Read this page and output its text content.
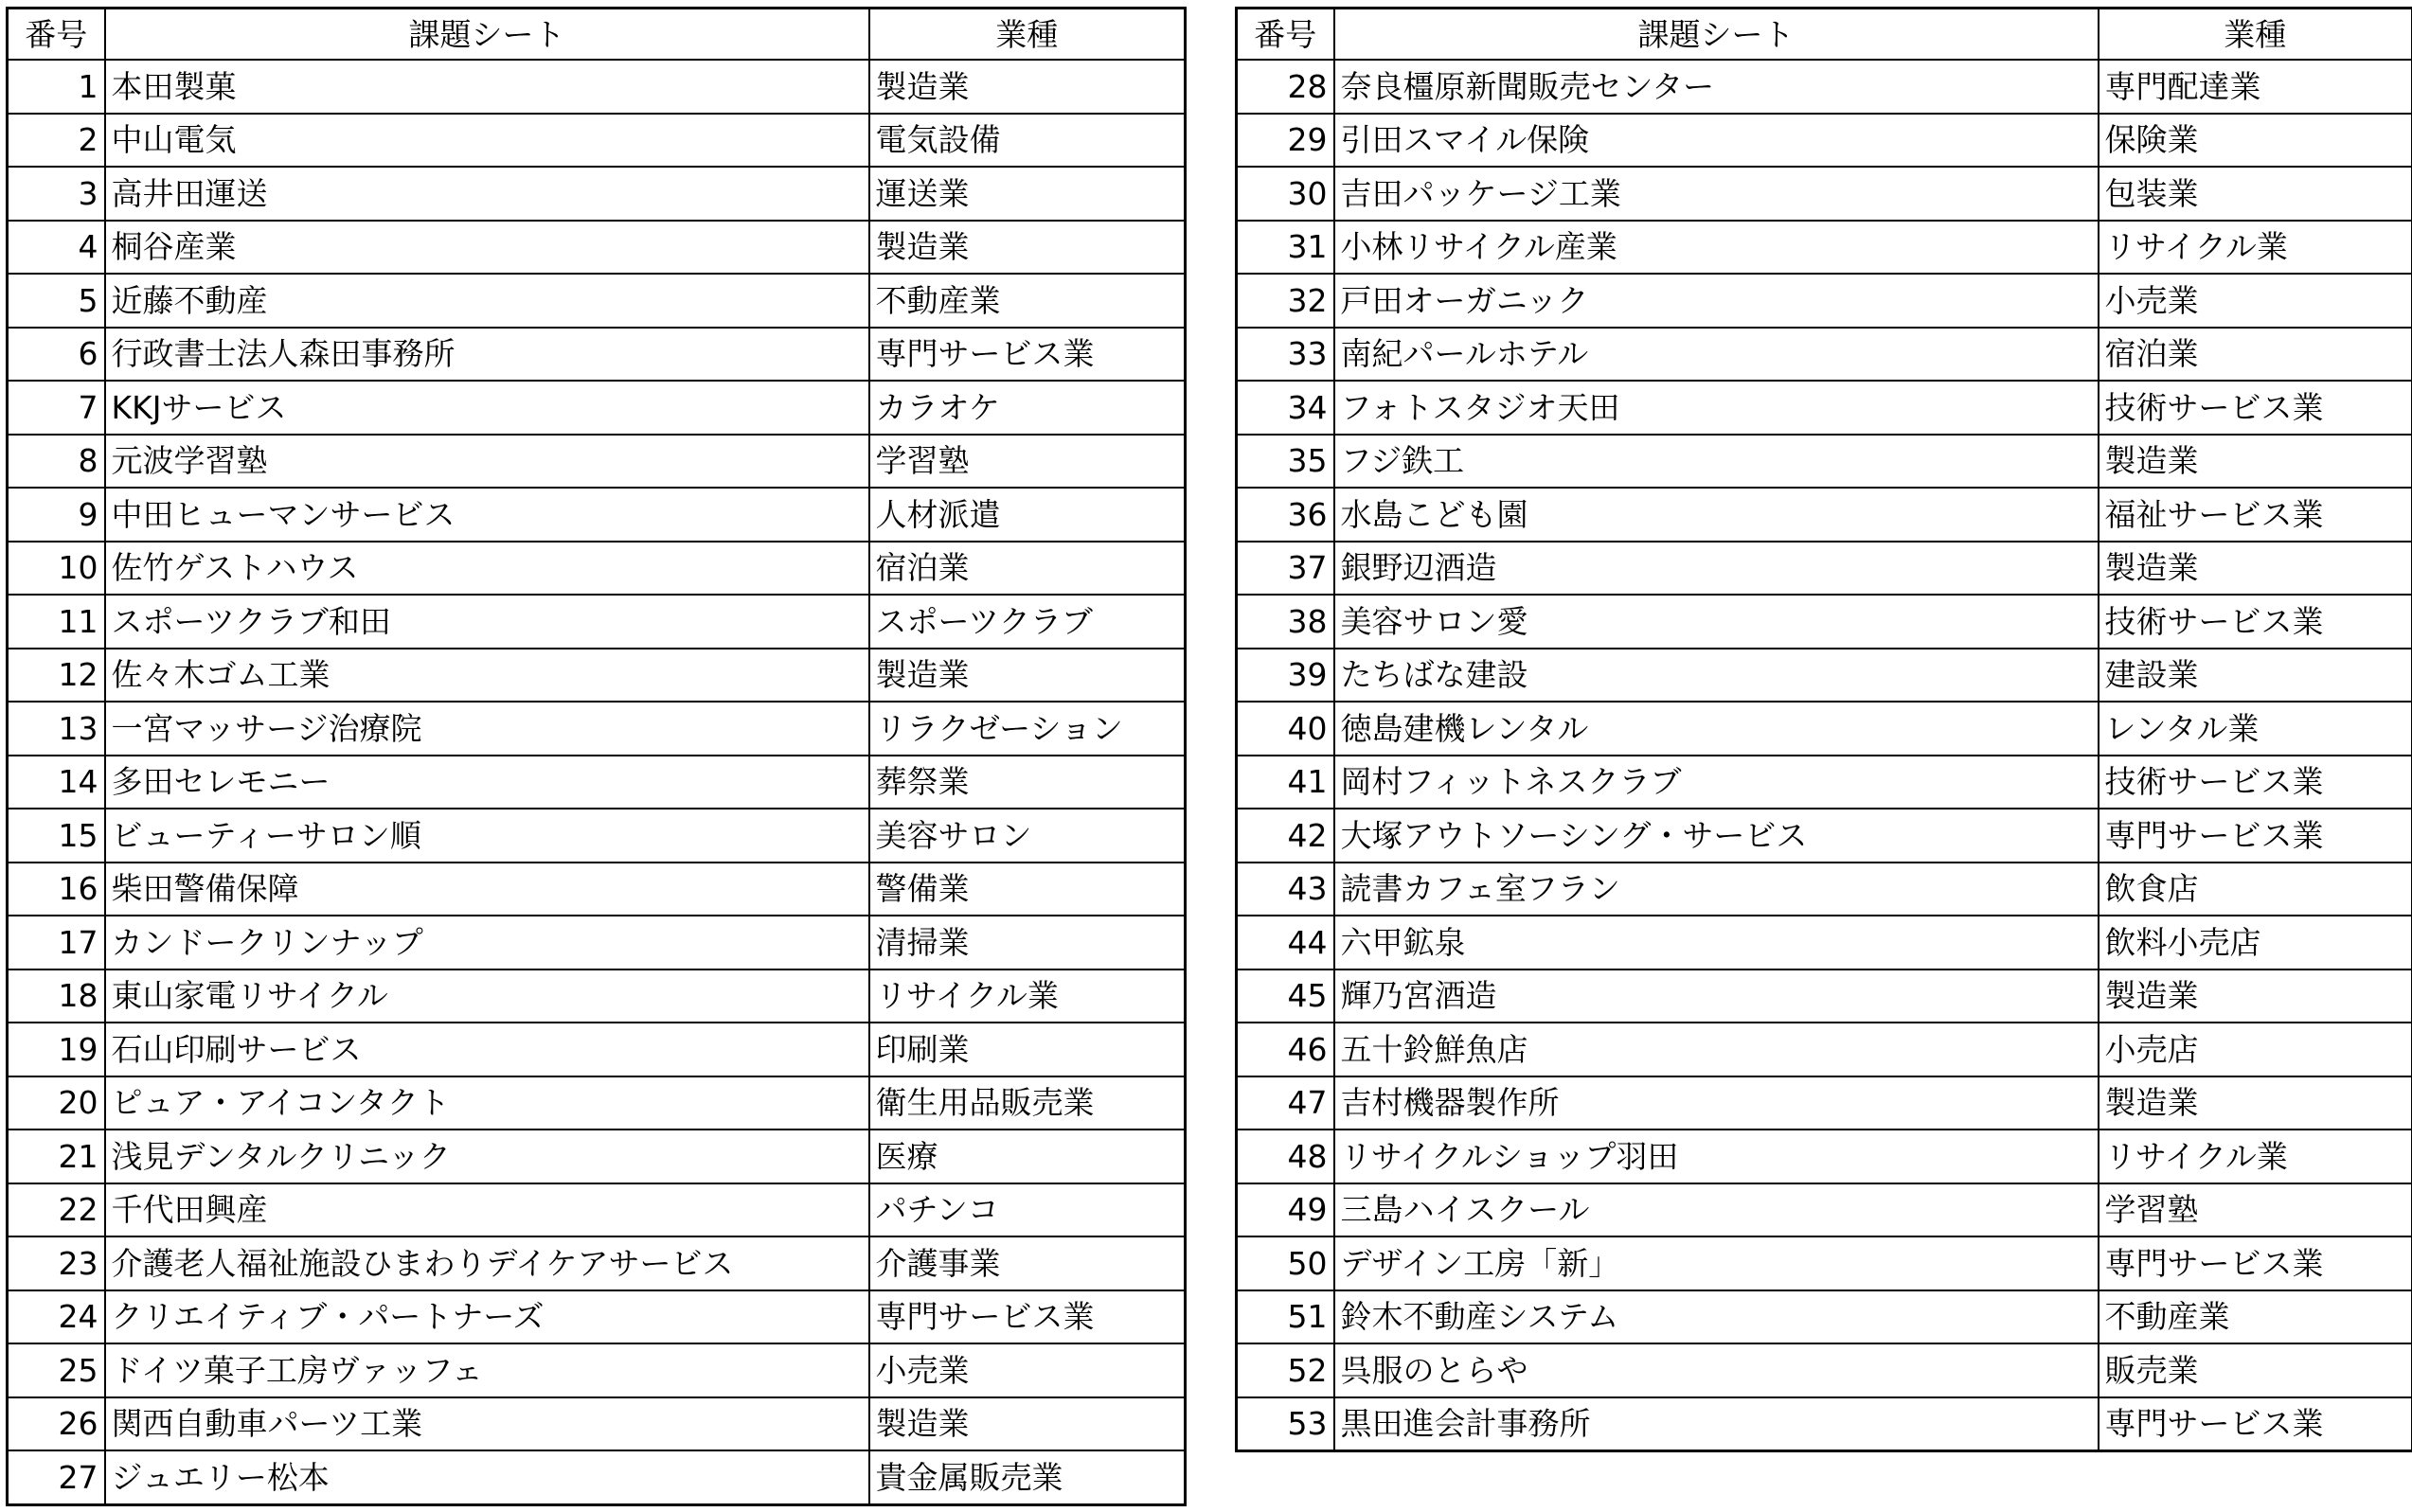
番号	課題シート	業種
1	本田製菓	製造業
2	中山電気	電気設備
3	高井田運送	運送業
4	桐谷産業	製造業
5	近藤不動産	不動産業
6	行政書士法人森田事務所	専門サービス業
7	KKJサービス	カラオケ
8	元波学習塾	学習塾
9	中田ヒューマンサービス	人材派遣
10	佐竹ゲストハウス	宿泊業
11	スポーツクラブ和田	スポーツクラブ
12	佐々木ゴム工業	製造業
13	一宮マッサージ治療院	リラクゼーション
14	多田セレモニー	葬祭業
15	ビューティーサロン順	美容サロン
16	柴田警備保障	警備業
17	カンドークリンナップ	清掃業
18	東山家電リサイクル	リサイクル業
19	石山印刷サービス	印刷業
20	ピュア・アイコンタクト	衛生用品販売業
21	浅見デンタルクリニック	医療
22	千代田興産	パチンコ
23	介護老人福祉施設ひまわりデイケアサービス	介護事業
24	クリエイティブ・パートナーズ	専門サービス業
25	ドイツ菓子工房ヴァッフェ	小売業
26	関西自動車パーツ工業	製造業
27	ジュエリー松本	貴金属販売業
番号	課題シート	業種
28	奈良橿原新聞販売センター	専門配達業
29	引田スマイル保険	保険業
30	吉田パッケージ工業	包装業
31	小林リサイクル産業	リサイクル業
32	戸田オーガニック	小売業
33	南紀パールホテル	宿泊業
34	フォトスタジオ天田	技術サービス業
35	フジ鉄工	製造業
36	水島こども園	福祉サービス業
37	銀野辺酒造	製造業
38	美容サロン愛	技術サービス業
39	たちばな建設	建設業
40	徳島建機レンタル	レンタル業
41	岡村フィットネスクラブ	技術サービス業
42	大塚アウトソーシング・サービス	専門サービス業
43	読書カフェ室フラン	飲食店
44	六甲鉱泉	飲料小売店
45	輝乃宮酒造	製造業
46	五十鈴鮮魚店	小売店
47	吉村機器製作所	製造業
48	リサイクルショップ羽田	リサイクル業
49	三島ハイスクール	学習塾
50	デザイン工房「新」	専門サービス業
51	鈴木不動産システム	不動産業
52	呉服のとらや	販売業
53	黒田進会計事務所	専門サービス業
